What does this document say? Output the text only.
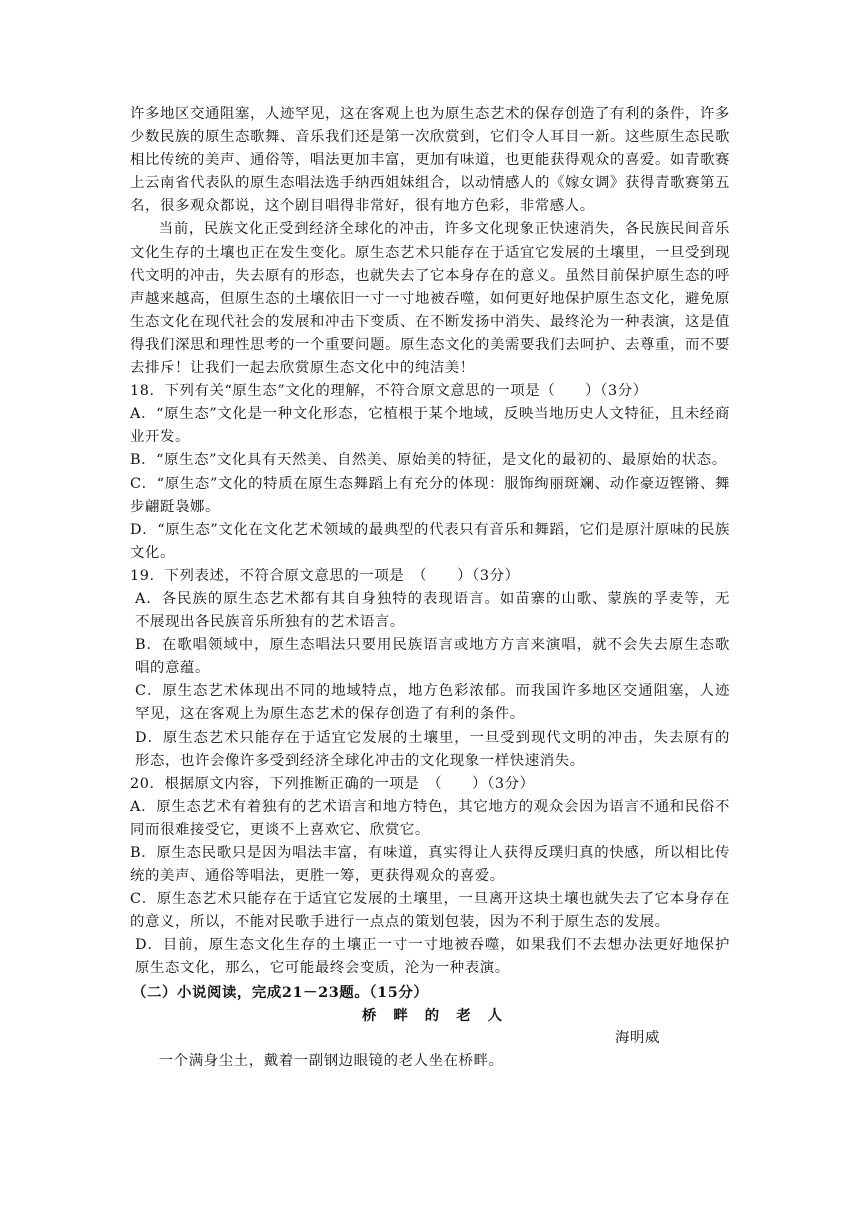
许多地区交通阻塞，人迹罕见，这在客观上也为原生态艺术的保存创造了有利的条件，许多少数民族的原生态歌舞、音乐我们还是第一次欣赏到，它们令人耳目一新。这些原生态民歌相比传统的美声、通俗等，唱法更加丰富，更加有味道，也更能获得观众的喜爱。如青歌赛上云南省代表队的原生态唱法选手纳西姐妹组合，以动情感人的《嫁女调》获得青歌赛第五名，很多观众都说，这个剧目唱得非常好，很有地方色彩，非常感人。

当前，民族文化正受到经济全球化的冲击，许多文化现象正快速消失，各民族民间音乐文化生存的土壤也正在发生变化。原生态艺术只能存在于适宜它发展的土壤里，一旦受到现代文明的冲击，失去原有的形态，也就失去了它本身存在的意义。虽然目前保护原生态的呼声越来越高，但原生态的土壤依旧一寸一寸地被吞噬，如何更好地保护原生态文化，避免原生态文化在现代社会的发展和冲击下变质、在不断发扬中消失、最终沦为一种表演，这是值得我们深思和理性思考的一个重要问题。原生态文化的美需要我们去呵护、去尊重，而不要去排斥！让我们一起去欣赏原生态文化中的纯洁美！

18．下列有关“原生态”文化的理解，不符合原文意思的一项是（　　）（3分）

A．“原生态”文化是一种文化形态，它植根于某个地域，反映当地历史人文特征，且未经商业开发。

B．“原生态”文化具有天然美、自然美、原始美的特征，是文化的最初的、最原始的状态。

C．“原生态”文化的特质在原生态舞蹈上有充分的体现：服饰绚丽斑斓、动作豪迈铿锵、舞步翩跹袅娜。

D．“原生态”文化在文化艺术领域的最典型的代表只有音乐和舞蹈，它们是原汁原味的民族文化。

19．下列表述，不符合原文意思的一项是　（　　）（3分）

A．各民族的原生态艺术都有其自身独特的表现语言。如苗寨的山歌、蒙族的孚麦等，无不展现出各民族音乐所独有的艺术语言。

B．在歌唱领域中，原生态唱法只要用民族语言或地方方言来演唱，就不会失去原生态歌唱的意蕴。

C．原生态艺术体现出不同的地域特点，地方色彩浓郁。而我国许多地区交通阻塞，人迹罕见，这在客观上为原生态艺术的保存创造了有利的条件。

D．原生态艺术只能存在于适宜它发展的土壤里，一旦受到现代文明的冲击，失去原有的形态，也许会像许多受到经济全球化冲击的文化现象一样快速消失。

20．根据原文内容，下列推断正确的一项是　（　　）（3分）

A．原生态艺术有着独有的艺术语言和地方特色，其它地方的观众会因为语言不通和民俗不同而很难接受它，更谈不上喜欢它、欣赏它。

B．原生态民歌只是因为唱法丰富，有味道，真实得让人获得反璞归真的快感，所以相比传统的美声、通俗等唱法，更胜一筹，更获得观众的喜爱。

C．原生态艺术只能存在于适宜它发展的土壤里，一旦离开这块土壤也就失去了它本身存在的意义，所以，不能对民歌手进行一点点的策划包装，因为不利于原生态的发展。

D．目前，原生态文化生存的土壤正一寸一寸地被吞噬，如果我们不去想办法更好地保护原生态文化，那么，它可能最终会变质，沦为一种表演。

（二）小说阅读，完成21－23题。（15分）

桥 畔 的 老 人

海明威

一个满身尘土，戴着一副钢边眼镜的老人坐在桥畔。
